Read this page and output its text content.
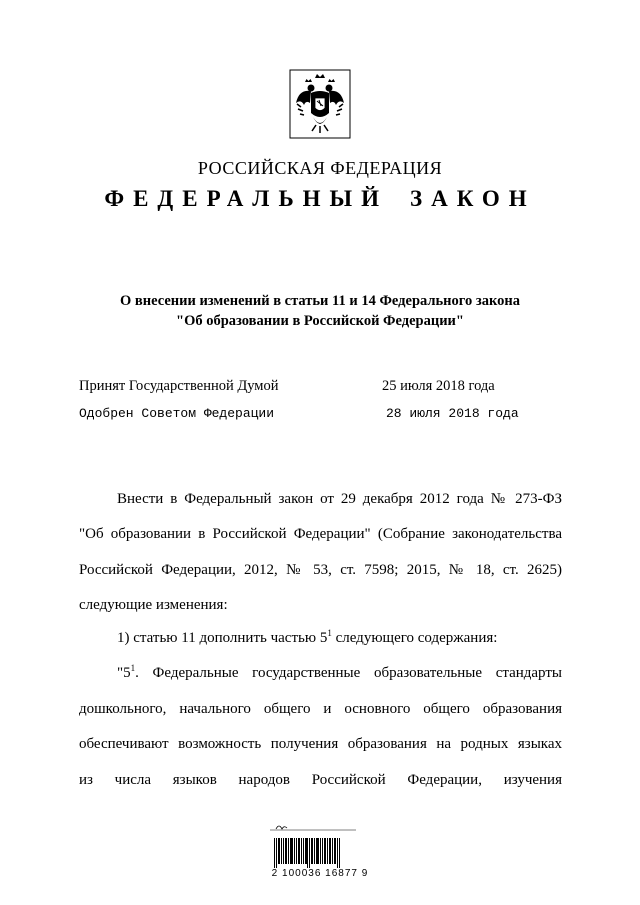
РОССИЙСКАЯ ФЕДЕРАЦИЯ
ФЕДЕРАЛЬНЫЙ ЗАКОН
О внесении изменений в статьи 11 и 14 Федерального закона
"Об образовании в Российской Федерации"
Принят Государственной Думой	25 июля 2018 года
Одобрен Советом Федерации	28 июля 2018 года
Внести в Федеральный закон от 29 декабря 2012 года № 273-ФЗ
"Об образовании в Российской Федерации" (Собрание законодательства
Российской Федерации, 2012, № 53, ст. 7598; 2015, № 18, ст. 2625)
следующие изменения:
1) статью 11 дополнить частью $5^1$ следующего содержания:
"$5^1$. Федеральные государственные образовательные стандарты
дошкольного, начального общего и основного общего образования
обеспечивают возможность получения образования на родных языках
из числа языков народов Российской Федерации, изучения
2 100036 16877 9
